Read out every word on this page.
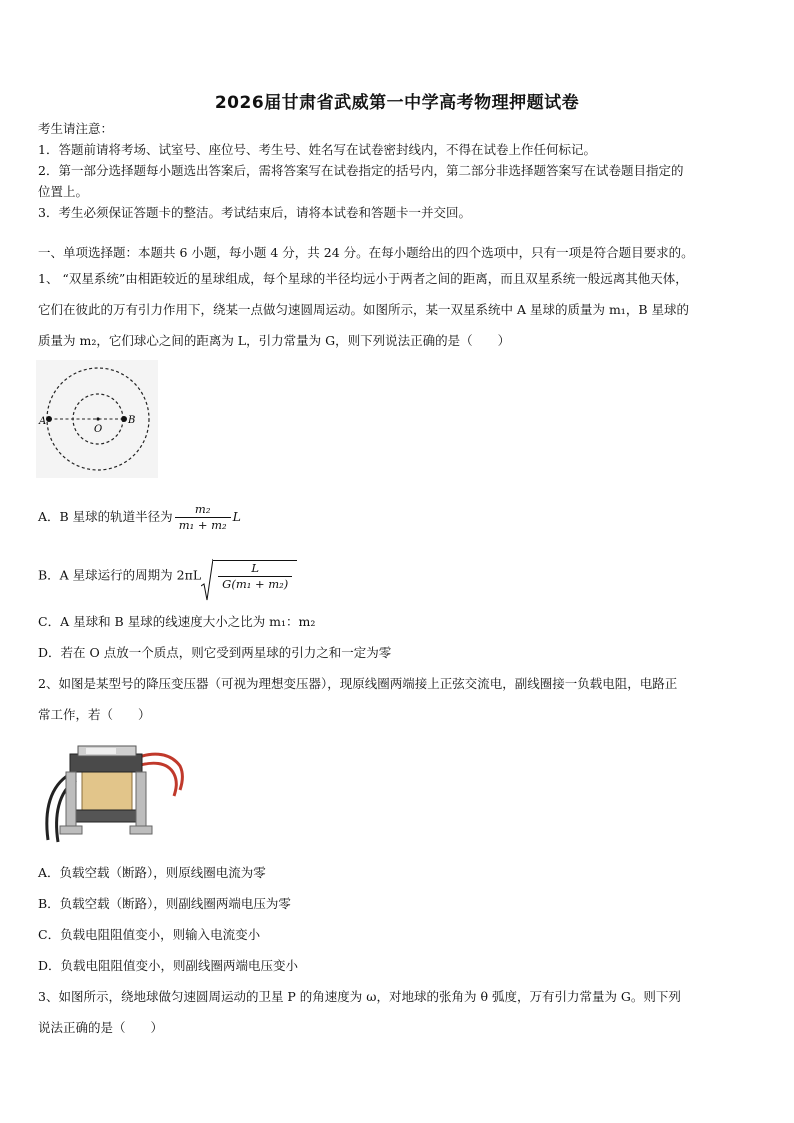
2026届甘肃省武威第一中学高考物理押题试卷
考生请注意：
1．答题前请将考场、试室号、座位号、考生号、姓名写在试卷密封线内，不得在试卷上作任何标记。
2．第一部分选择题每小题选出答案后，需将答案写在试卷指定的括号内，第二部分非选择题答案写在试卷题目指定的
位置上。
3．考生必须保证答题卡的整洁。考试结束后，请将本试卷和答题卡一并交回。
一、单项选择题：本题共 6 小题，每小题 4 分，共 24 分。在每小题给出的四个选项中，只有一项是符合题目要求的。
1、 “双星系统”由相距较近的星球组成，每个星球的半径均远小于两者之间的距离，而且双星系统一般远离其他天体，
它们在彼此的万有引力作用下，绕某一点做匀速圆周运动。如图所示，某一双星系统中 A 星球的质量为 m₁，B 星球的
质量为 m₂，它们球心之间的距离为 L，引力常量为 G，则下列说法正确的是（　　）
A
O
B
A．B 星球的轨道半径为 $\frac{\text{m₂}}{\text{m₁ + m₂}}$ L
B．A 星球运行的周期为 $2\pi L \frac{L}{\text{G(m₁ + m₂)}}$
C．A 星球和 B 星球的线速度大小之比为 m₁：m₂
D．若在 O 点放一个质点，则它受到两星球的引力之和一定为零
2、如图是某型号的降压变压器（可视为理想变压器），现原线圈两端接上正弦交流电，副线圈接一负载电阻，电路正
常工作，若（　　）
A．负载空载（断路），则原线圈电流为零
B．负载空载（断路），则副线圈两端电压为零
C．负载电阻阻值变小，则输入电流变小
D．负载电阻阻值变小，则副线圈两端电压变小
3、如图所示，绕地球做匀速圆周运动的卫星 P 的角速度为 ω，对地球的张角为 θ 弧度，万有引力常量为 G。则下列
说法正确的是（　　）
